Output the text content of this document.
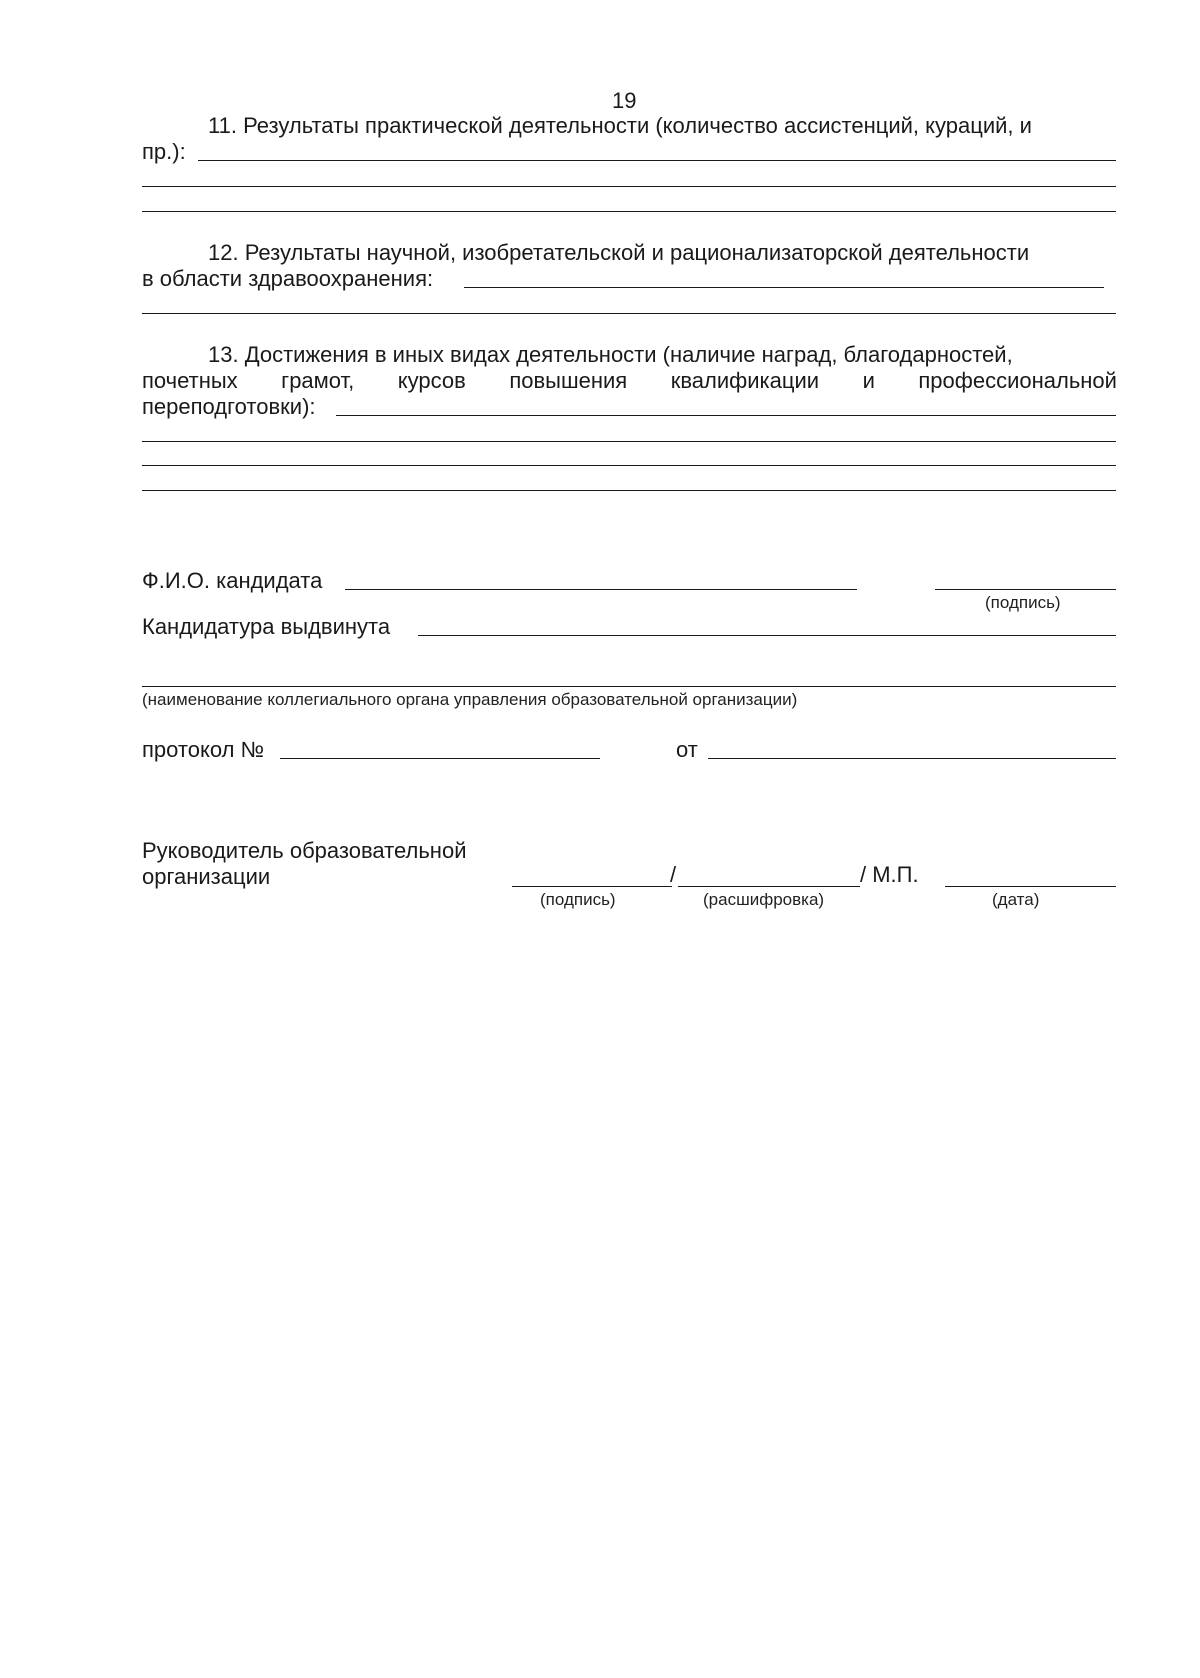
19
11. Результаты практической деятельности (количество ассистенций, кураций, и
пр.):
12. Результаты научной, изобретательской и рационализаторской деятельности
в области здравоохранения:
13. Достижения в иных видах деятельности (наличие наград, благодарностей,
почетных грамот, курсов повышения квалификации и профессиональной
переподготовки):
Ф.И.О. кандидата
(подпись)
Кандидатура выдвинута
(наименование коллегиального органа управления образовательной организации)
протокол №	от
Руководитель образовательной
организации	/	/ М.П.
(подпись)	(расшифровка)	(дата)
